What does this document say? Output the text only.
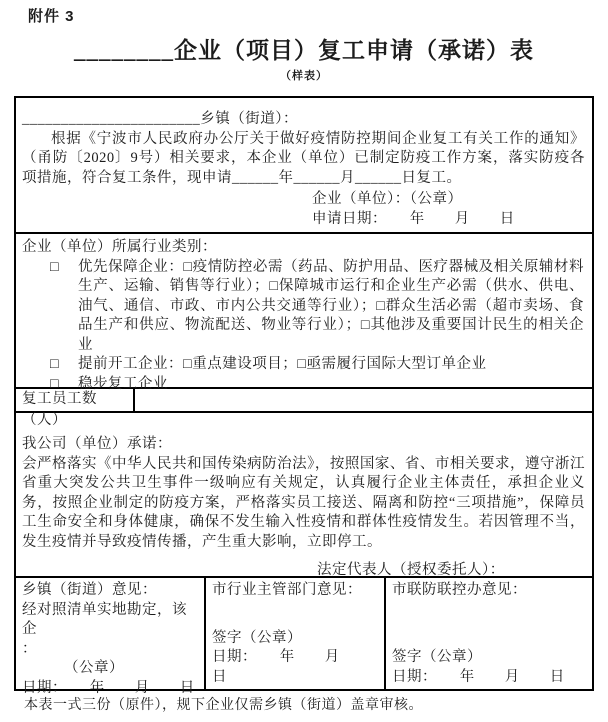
附件 3
________企业（项目）复工申请（承诺）表
（样表）
_______________________乡镇（街道）：
根据《宁波市人民政府办公厅关于做好疫情防控期间企业复工有关工作的通知》（甬防〔2020〕9号）相关要求，本企业（单位）已制定防疫工作方案，落实防疫各项措施，符合复工条件，现申请______年______月______日复工。
企业（单位）：（公章）
申请日期：　　年　　月　　日
企业（单位）所属行业类别：
□	优先保障企业：□疫情防控必需（药品、防护用品、医疗器械及相关原辅材料生产、运输、销售等行业）；□保障城市运行和企业生产必需（供水、供电、油气、通信、市政、市内公共交通等行业）；□群众生活必需（超市卖场、食品生产和供应、物流配送、物业等行业）；□其他涉及重要国计民生的相关企业
□	提前开工企业：□重点建设项目；□亟需履行国际大型订单企业
□	稳步复工企业
复工员工数（人）
我公司（单位）承诺：
会严格落实《中华人民共和国传染病防治法》，按照国家、省、市相关要求，遵守浙江省重大突发公共卫生事件一级响应有关规定，认真履行企业主体责任，承担企业义务，按照企业制定的防疫方案，严格落实员工接送、隔离和防控“三项措施”，保障员工生命安全和身体健康，确保不发生输入性疫情和群体性疫情发生。若因管理不当，发生疫情并导致疫情传播，产生重大影响，立即停工。
法定代表人（授权委托人）：
乡镇（街道）意见：
经对照清单实地勘定，该企
：
（公章）
日期：　　年　　月　　日
市行业主管部门意见：
签字（公章）
日期：　　年　　月　　日
市联防联控办意见：
签字（公章）
日期：　　年　　月　　日
本表一式三份（原件），规下企业仅需乡镇（街道）盖章审核。
